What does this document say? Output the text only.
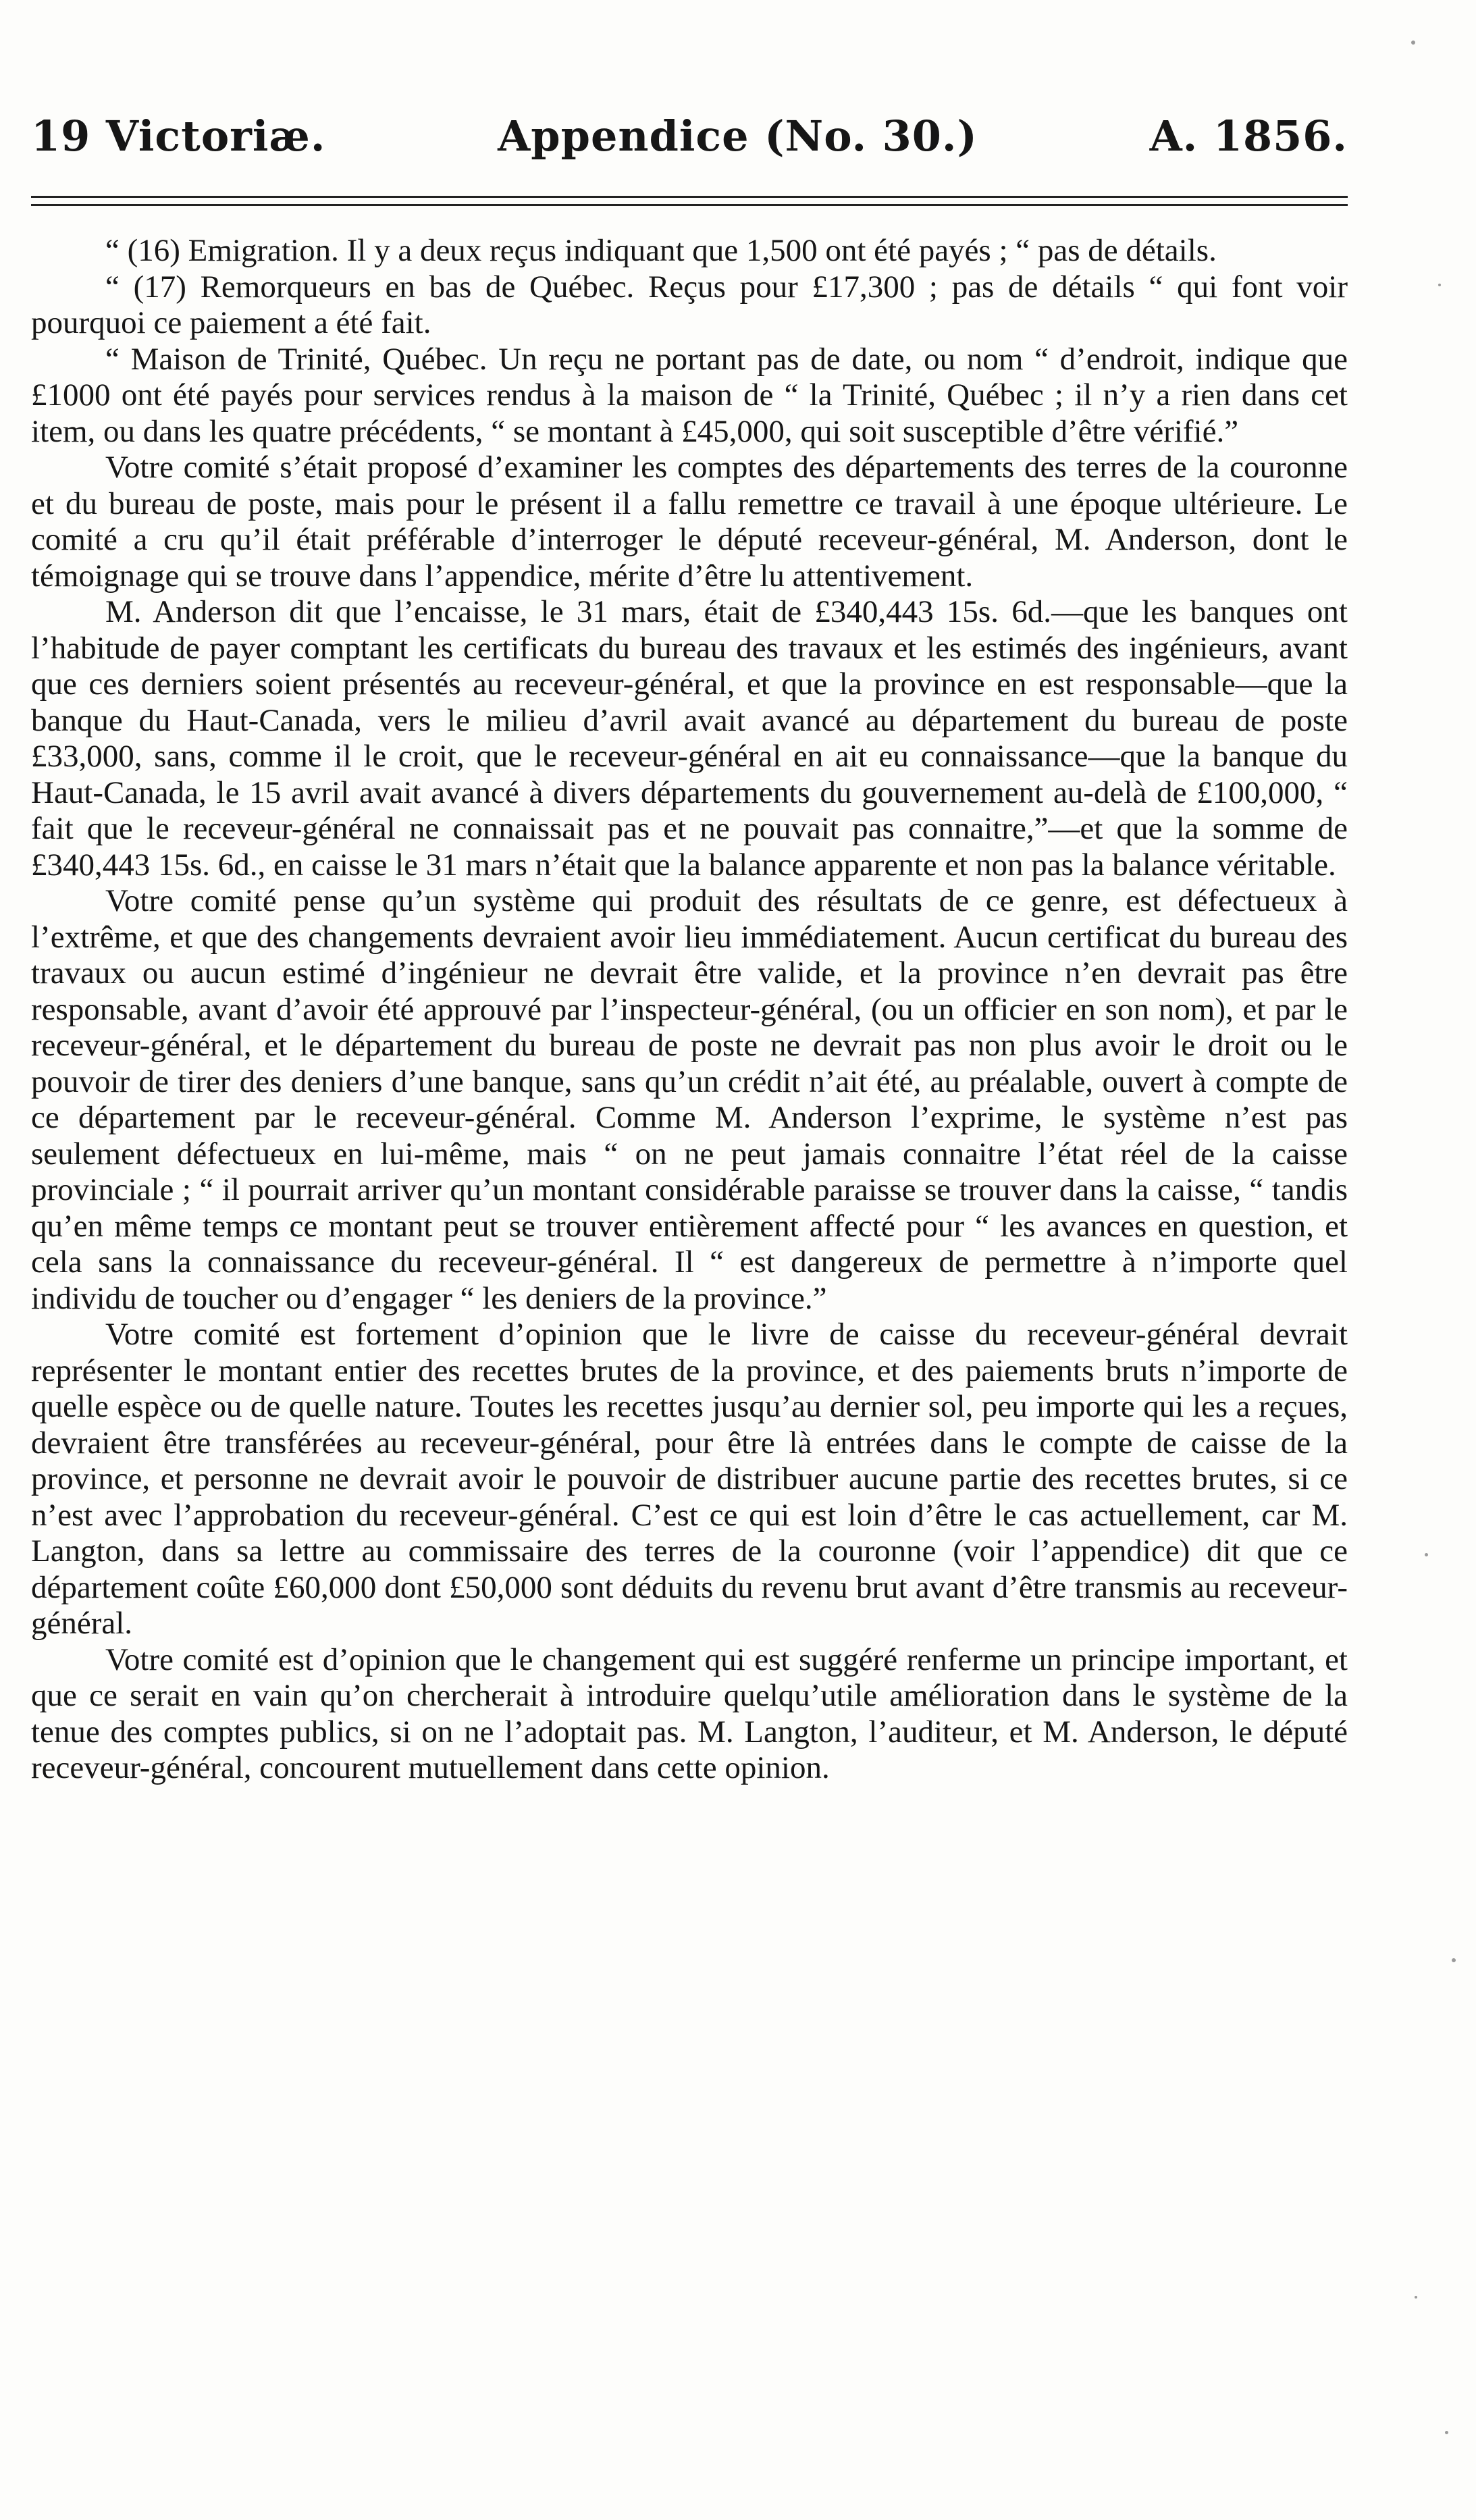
19 Victoriæ.	Appendice (No. 30.)	A. 1856.

“ (16) Emigration. Il y a deux reçus indiquant que 1,500 ont été payés ; “ pas de détails.

“ (17) Remorqueurs en bas de Québec. Reçus pour £17,300 ; pas de détails “ qui font voir pourquoi ce paiement a été fait.

“ Maison de Trinité, Québec. Un reçu ne portant pas de date, ou nom “ d’endroit, indique que £1000 ont été payés pour services rendus à la maison de “ la Trinité, Québec ; il n’y a rien dans cet item, ou dans les quatre précédents, “ se montant à £45,000, qui soit susceptible d’être vérifié.”

Votre comité s’était proposé d’examiner les comptes des départements des terres de la couronne et du bureau de poste, mais pour le présent il a fallu remettre ce travail à une époque ultérieure. Le comité a cru qu’il était préférable d’interroger le député receveur-général, M. Anderson, dont le témoignage qui se trouve dans l’appendice, mérite d’être lu attentivement.

M. Anderson dit que l’encaisse, le 31 mars, était de £340,443 15s. 6d.—que les banques ont l’habitude de payer comptant les certificats du bureau des travaux et les estimés des ingénieurs, avant que ces derniers soient présentés au receveur-général, et que la province en est responsable—que la banque du Haut-Canada, vers le milieu d’avril avait avancé au département du bureau de poste £33,000, sans, comme il le croit, que le receveur-général en ait eu connaissance—que la banque du Haut-Canada, le 15 avril avait avancé à divers départements du gouvernement au-delà de £100,000, “ fait que le receveur-général ne connaissait pas et ne pouvait pas connaitre,”—et que la somme de £340,443 15s. 6d., en caisse le 31 mars n’était que la balance apparente et non pas la balance véritable.

Votre comité pense qu’un système qui produit des résultats de ce genre, est défectueux à l’extrême, et que des changements devraient avoir lieu immédiatement. Aucun certificat du bureau des travaux ou aucun estimé d’ingénieur ne devrait être valide, et la province n’en devrait pas être responsable, avant d’avoir été approuvé par l’inspecteur-général, (ou un officier en son nom), et par le receveur-général, et le département du bureau de poste ne devrait pas non plus avoir le droit ou le pouvoir de tirer des deniers d’une banque, sans qu’un crédit n’ait été, au préalable, ouvert à compte de ce département par le receveur-général. Comme M. Anderson l’exprime, le système n’est pas seulement défectueux en lui-même, mais “ on ne peut jamais connaitre l’état réel de la caisse provinciale ; “ il pourrait arriver qu’un montant considérable paraisse se trouver dans la caisse, “ tandis qu’en même temps ce montant peut se trouver entièrement affecté pour “ les avances en question, et cela sans la connaissance du receveur-général. Il “ est dangereux de permettre à n’importe quel individu de toucher ou d’engager “ les deniers de la province.”

Votre comité est fortement d’opinion que le livre de caisse du receveur-général devrait représenter le montant entier des recettes brutes de la province, et des paiements bruts n’importe de quelle espèce ou de quelle nature. Toutes les recettes jusqu’au dernier sol, peu importe qui les a reçues, devraient être transférées au receveur-général, pour être là entrées dans le compte de caisse de la province, et personne ne devrait avoir le pouvoir de distribuer aucune partie des recettes brutes, si ce n’est avec l’approbation du receveur-général. C’est ce qui est loin d’être le cas actuellement, car M. Langton, dans sa lettre au commissaire des terres de la couronne (voir l’appendice) dit que ce département coûte £60,000 dont £50,000 sont déduits du revenu brut avant d’être transmis au receveur-général.

Votre comité est d’opinion que le changement qui est suggéré renferme un principe important, et que ce serait en vain qu’on chercherait à introduire quelqu’utile amélioration dans le système de la tenue des comptes publics, si on ne l’adoptait pas. M. Langton, l’auditeur, et M. Anderson, le député receveur-général, concourent mutuellement dans cette opinion.
